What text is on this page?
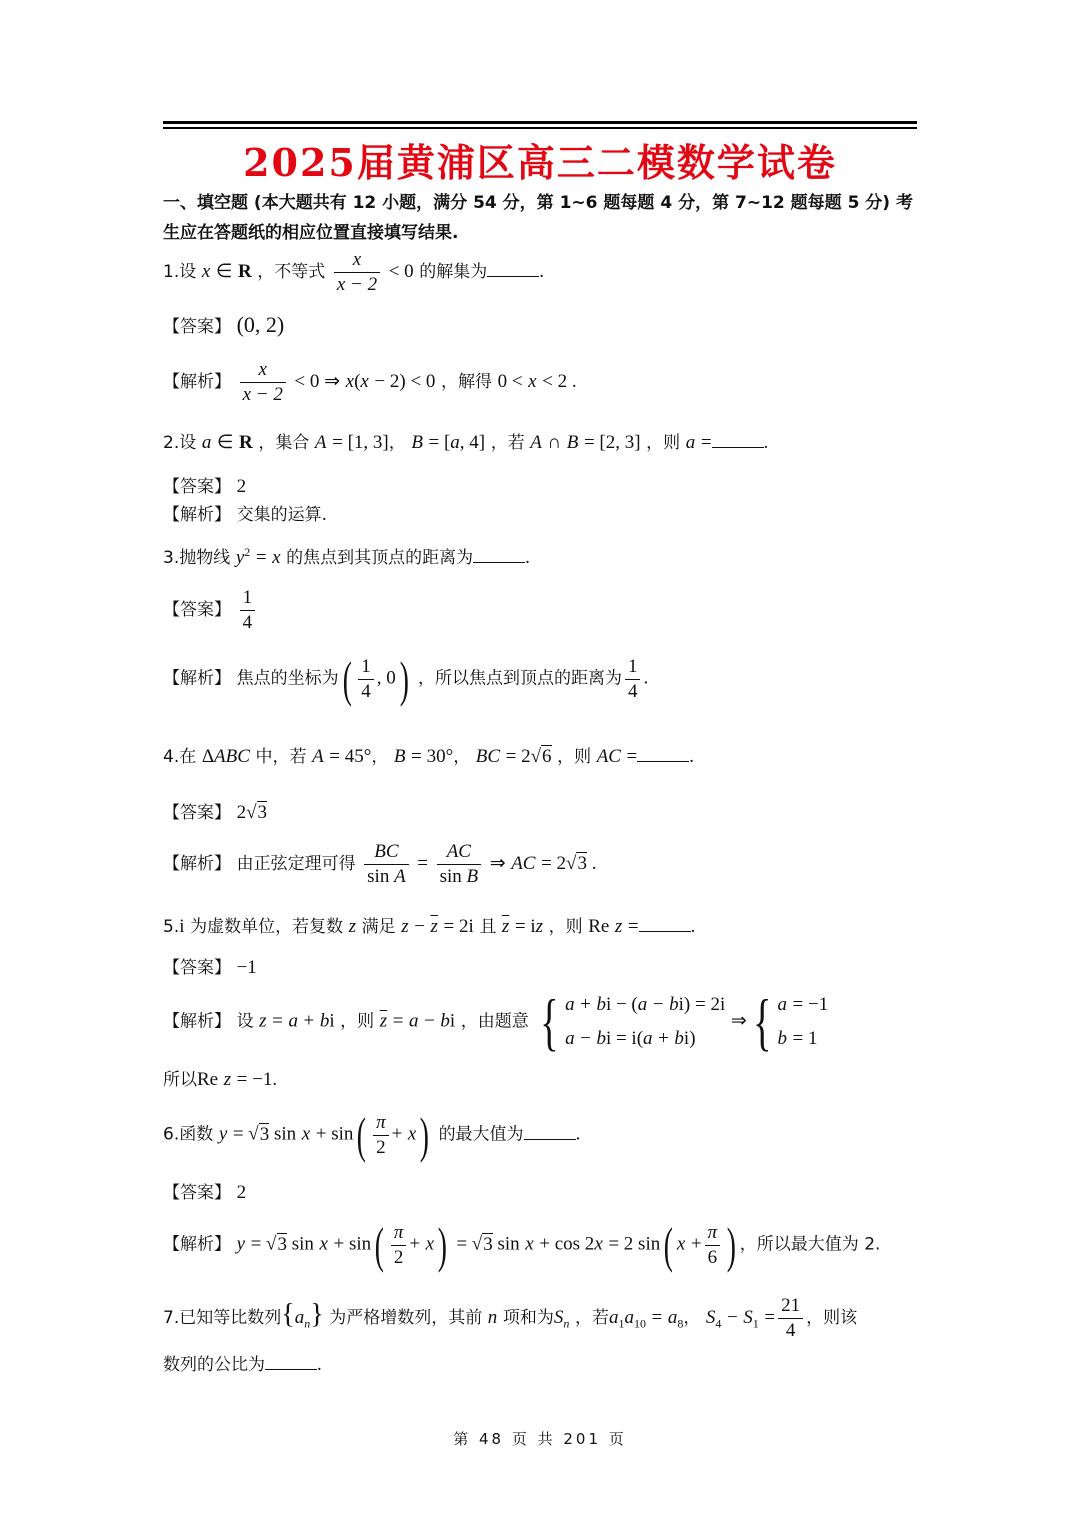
2025届黄浦区高三二模数学试卷
一、填空题 (本大题共有 12 小题，满分 54 分，第 1~6 题每题 4 分，第 7~12 题每题 5 分) 考
生应在答题纸的相应位置直接填写结果.
1.设 x ∈ R ，不等式 $\frac{x}{x - 2} < 0$ 的解集为	.
【答案】 (0, 2)
【解析】 $\frac{x}{x - 2} < 0$ ⇒ x(x − 2) < 0 ，解得 0 < x < 2 .
2.设 a ∈ R ，集合 A = [1, 3]， B = [a, 4] ，若 A ∩ B = [2, 3] ，则 a =	.
【答案】 2
【解析】 交集的运算.
3.抛物线 $y^2 = x$ 的焦点到其顶点的距离为	.
【答案】 $\frac{1}{4}$
【解析】 焦点的坐标为( $\frac{1}{4}$ , 0) ，所以焦点到顶点的距离为 $\frac{1}{4}$ .
4.在 ΔABC 中，若 A = 45°， B = 30°， BC = 2√6 ，则 AC =	.
【答案】 2√3
【解析】 由正弦定理可得 $\frac{BC}{\text{sin A}} = \frac{AC}{\text{sin B}}$ ⇒ AC = 2√3 .
5.i 为虚数单位，若复数 z 满足 $z - \overline{z} = 2i$ 且 $\overline{z}$ = iz ，则 Re z =	.
【答案】 −1
【解析】 设 z = a + bi ，则 $\overline{z} = a$ − bi ，由题意 { a + bi − (a − bi) = 2i
a − bi = i(a + bi)
⇒{ a = −1
b = 1
所以Re z = −1.
6.函数 y = √3 $\sin x + \sin( \frac{\pi}{2} + x)$ 的最大值为	.
【答案】 2
【解析】 y = √3 $\sin x + \sin( \frac{\pi}{2} + x) = √3$ sin x + cos 2x = 2 sin( $x + \frac{\pi}{6}$ ) ，所以最大值为 2.
7.已知等比数列$\{a_n\}$ 为严格增数列，其前 n 项和为$S_n$ ，若$a_1a_{10} = a_8$， $S_4 - S_1 = \frac{21}{4}$ ，则该
数列的公比为	.
第 48 页 共 201 页
